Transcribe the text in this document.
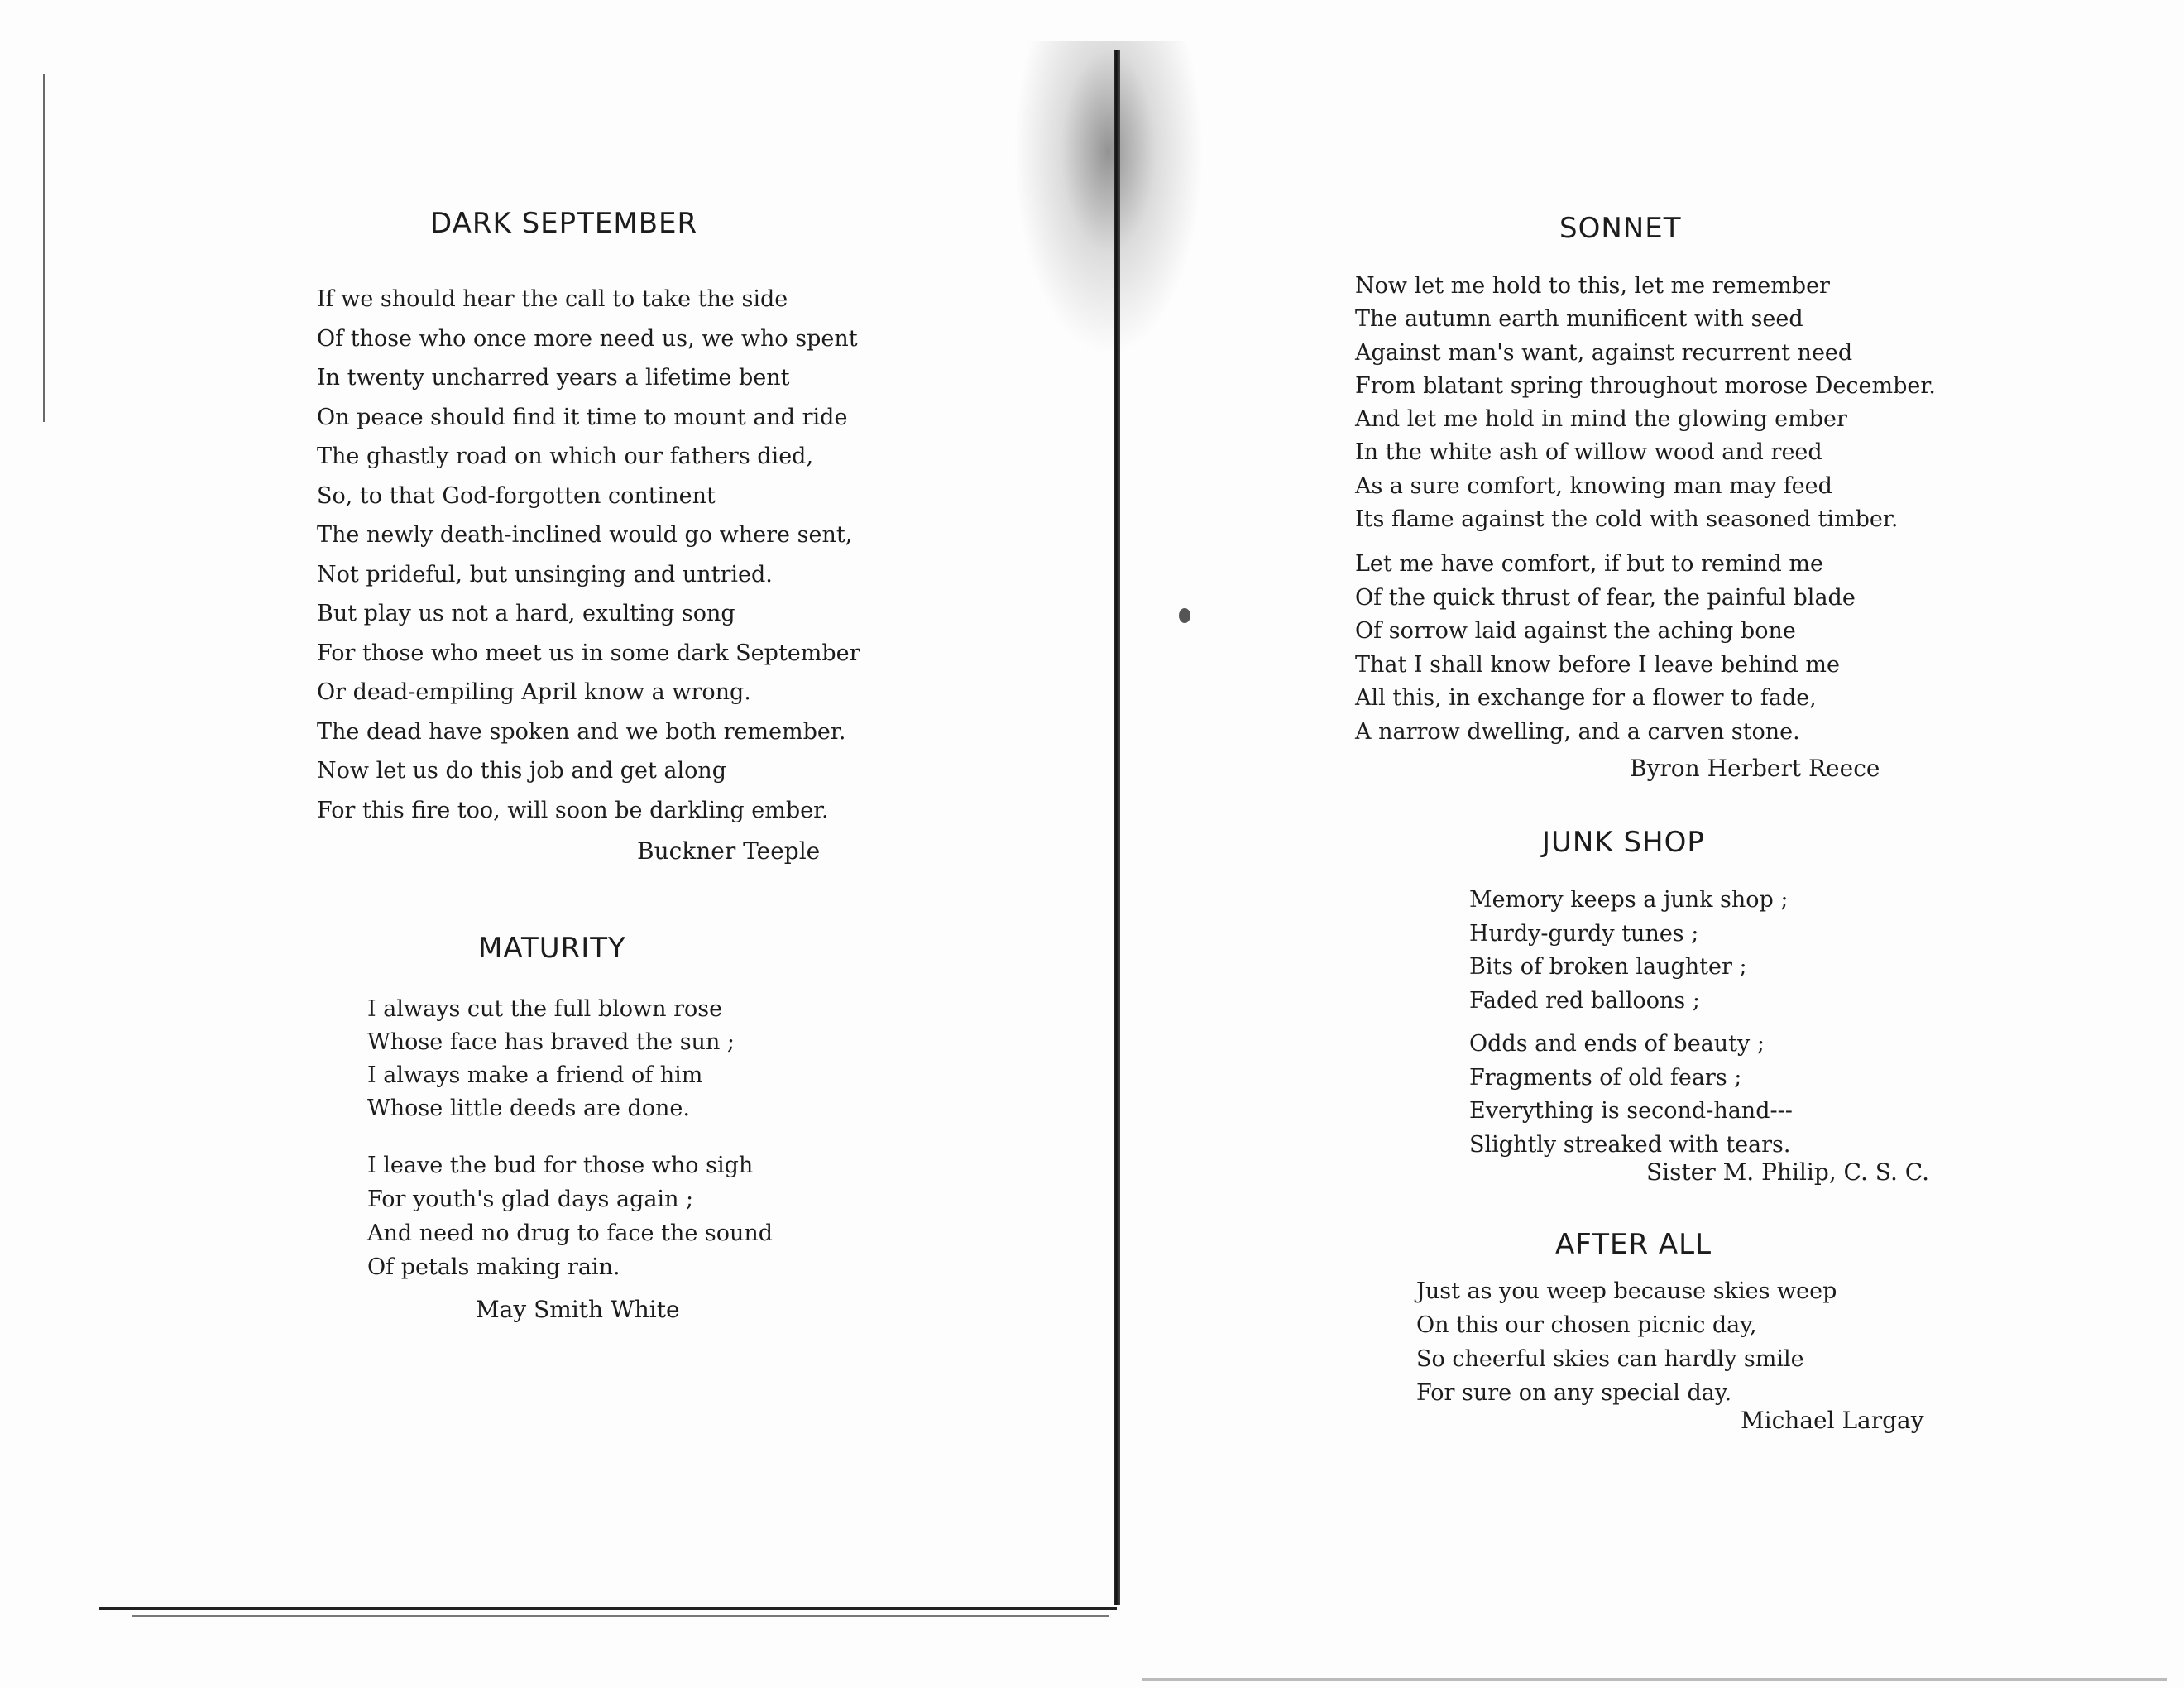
DARK SEPTEMBER
If we should hear the call to take the side
Of those who once more need us, we who spent
In twenty uncharred years a lifetime bent
On peace should find it time to mount and ride
The ghastly road on which our fathers died,
So, to that God-forgotten continent
The newly death-inclined would go where sent,
Not prideful, but unsinging and untried.
But play us not a hard, exulting song
For those who meet us in some dark September
Or dead-empiling April know a wrong.
The dead have spoken and we both remember.
Now let us do this job and get along
For this fire too, will soon be darkling ember.

Buckner Teeple

MATURITY
I always cut the full blown rose
Whose face has braved the sun ;
I always make a friend of him
Whose little deeds are done.
I leave the bud for those who sigh
For youth's glad days again ;
And need no drug to face the sound
Of petals making rain.

May Smith White

SONNET
Now let me hold to this, let me remember
The autumn earth munificent with seed
Against man's want, against recurrent need
From blatant spring throughout morose December.
And let me hold in mind the glowing ember
In the white ash of willow wood and reed
As a sure comfort, knowing man may feed
Its flame against the cold with seasoned timber.
Let me have comfort, if but to remind me
Of the quick thrust of fear, the painful blade
Of sorrow laid against the aching bone
That I shall know before I leave behind me
All this, in exchange for a flower to fade,
A narrow dwelling, and a carven stone.

Byron Herbert Reece

JUNK SHOP
Memory keeps a junk shop ;
Hurdy-gurdy tunes ;
Bits of broken laughter ;
Faded red balloons ;
Odds and ends of beauty ;
Fragments of old fears ;
Everything is second-hand---
Slightly streaked with tears.

Sister M. Philip, C. S. C.

AFTER ALL
Just as you weep because skies weep
On this our chosen picnic day,
So cheerful skies can hardly smile
For sure on any special day.

Michael Largay
